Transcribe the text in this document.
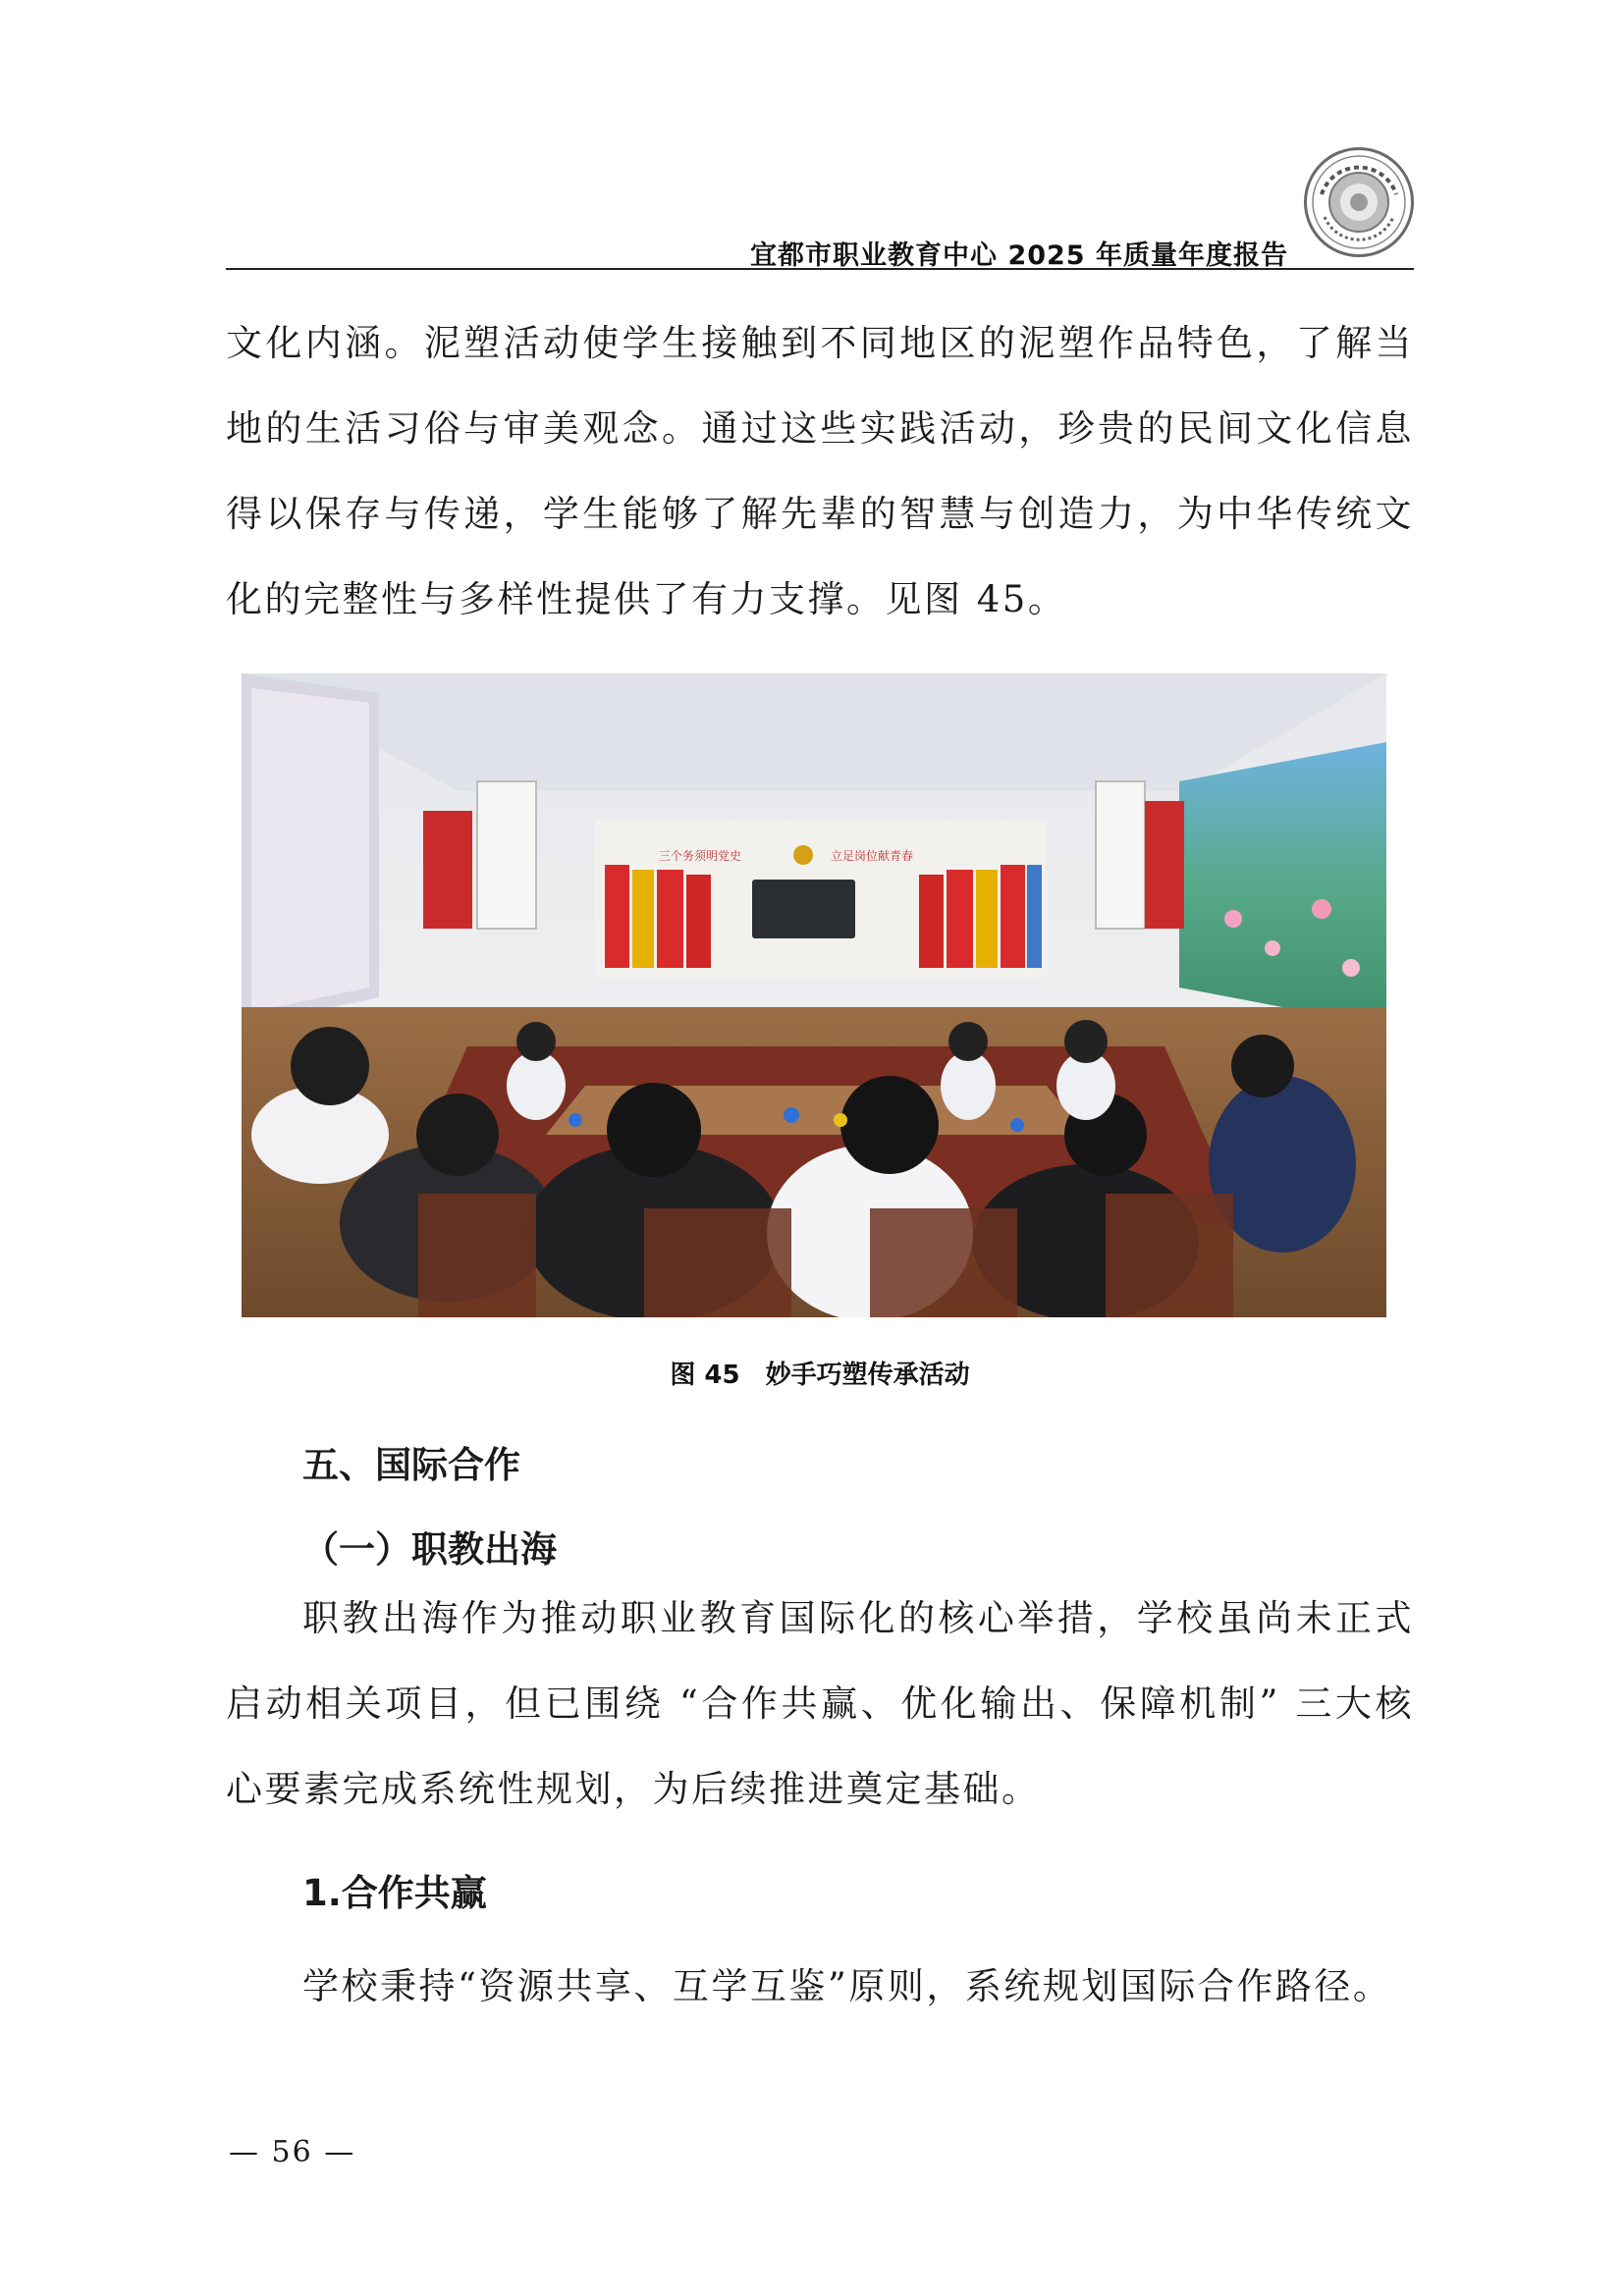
宜都市职业教育中心 2025 年质量年度报告

文化内涵。泥塑活动使学生接触到不同地区的泥塑作品特色，了解当地的生活习俗与审美观念。通过这些实践活动，珍贵的民间文化信息得以保存与传递，学生能够了解先辈的智慧与创造力，为中华传统文化的完整性与多样性提供了有力支撑。见图 45。

三个务须明党史	立足岗位献青春
图 45　妙手巧塑传承活动
五、国际合作
（一）职教出海

职教出海作为推动职业教育国际化的核心举措，学校虽尚未正式启动相关项目，但已围绕 “合作共赢、优化输出、保障机制” 三大核心要素完成系统性规划，为后续推进奠定基础。

1.合作共赢

学校秉持“资源共享、互学互鉴”原则，系统规划国际合作路径。

— 56 —
